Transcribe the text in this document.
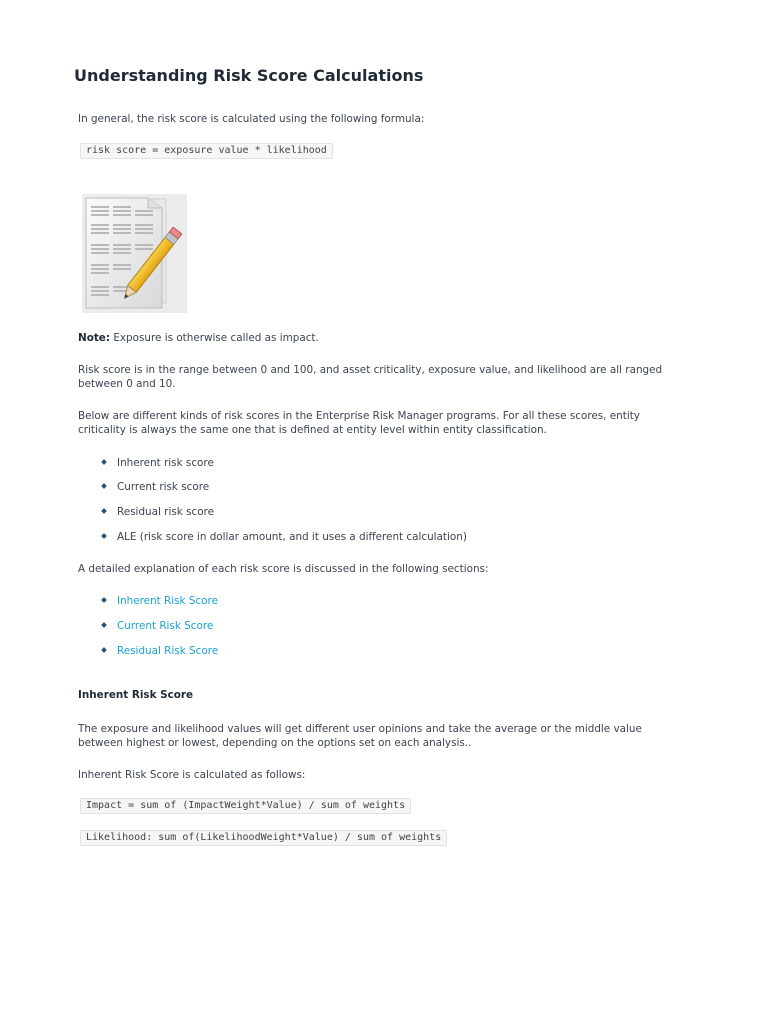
Understanding Risk Score Calculations

In general, the risk score is calculated using the following formula:

risk score = exposure value * likelihood

Note: Exposure is otherwise called as impact.

Risk score is in the range between 0 and 100, and asset criticality, exposure value, and likelihood are all ranged between 0 and 10.

Below are different kinds of risk scores in the Enterprise Risk Manager programs. For all these scores, entity criticality is always the same one that is defined at entity level within entity classification.

Inherent risk score
Current risk score
Residual risk score
ALE (risk score in dollar amount, and it uses a different calculation)

A detailed explanation of each risk score is discussed in the following sections:

Inherent Risk Score
Current Risk Score
Residual Risk Score
Inherent Risk Score

The exposure and likelihood values will get different user opinions and take the average or the middle value between highest or lowest, depending on the options set on each analysis..

Inherent Risk Score is calculated as follows:

Impact = sum of (ImpactWeight*Value) / sum of weights
Likelihood: sum of(LikelihoodWeight*Value) / sum of weights
